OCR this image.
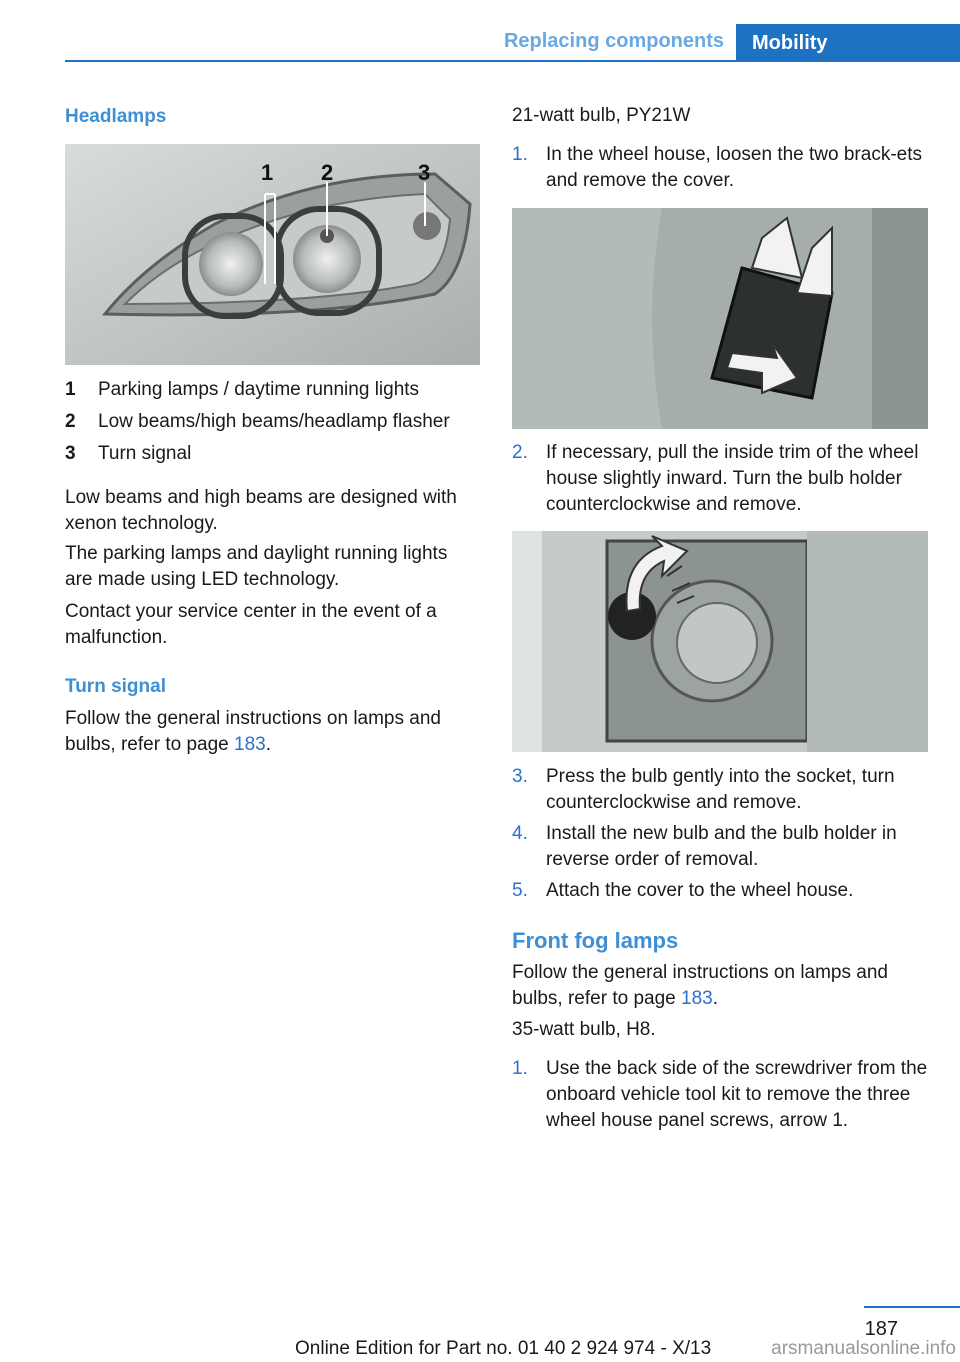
Replacing components	Mobility

Headlamps

1 2	3
1	Parking lamps / daytime running lights
2	Low beams/high beams/headlamp flasher
3	Turn signal

Low beams and high beams are designed with xenon technology.

The parking lamps and daylight running lights are made using LED technology.

Contact your service center in the event of a malfunction.

Turn signal

Follow the general instructions on lamps and bulbs, refer to page 183.

21-watt bulb, PY21W

1. In the wheel house, loosen the two brack‐ets and remove the cover.
2. If necessary, pull the inside trim of the wheel house slightly inward. Turn the bulb holder counterclockwise and remove.
3. Press the bulb gently into the socket, turn counterclockwise and remove.
4. Install the new bulb and the bulb holder in reverse order of removal.
5. Attach the cover to the wheel house.

Front fog lamps

Follow the general instructions on lamps and bulbs, refer to page 183.

35-watt bulb, H8.

1. Use the back side of the screwdriver from the onboard vehicle tool kit to remove the three wheel house panel screws, arrow 1.
187
Online Edition for Part no. 01 40 2 924 974 - X/13	arsmanualsonline.info
